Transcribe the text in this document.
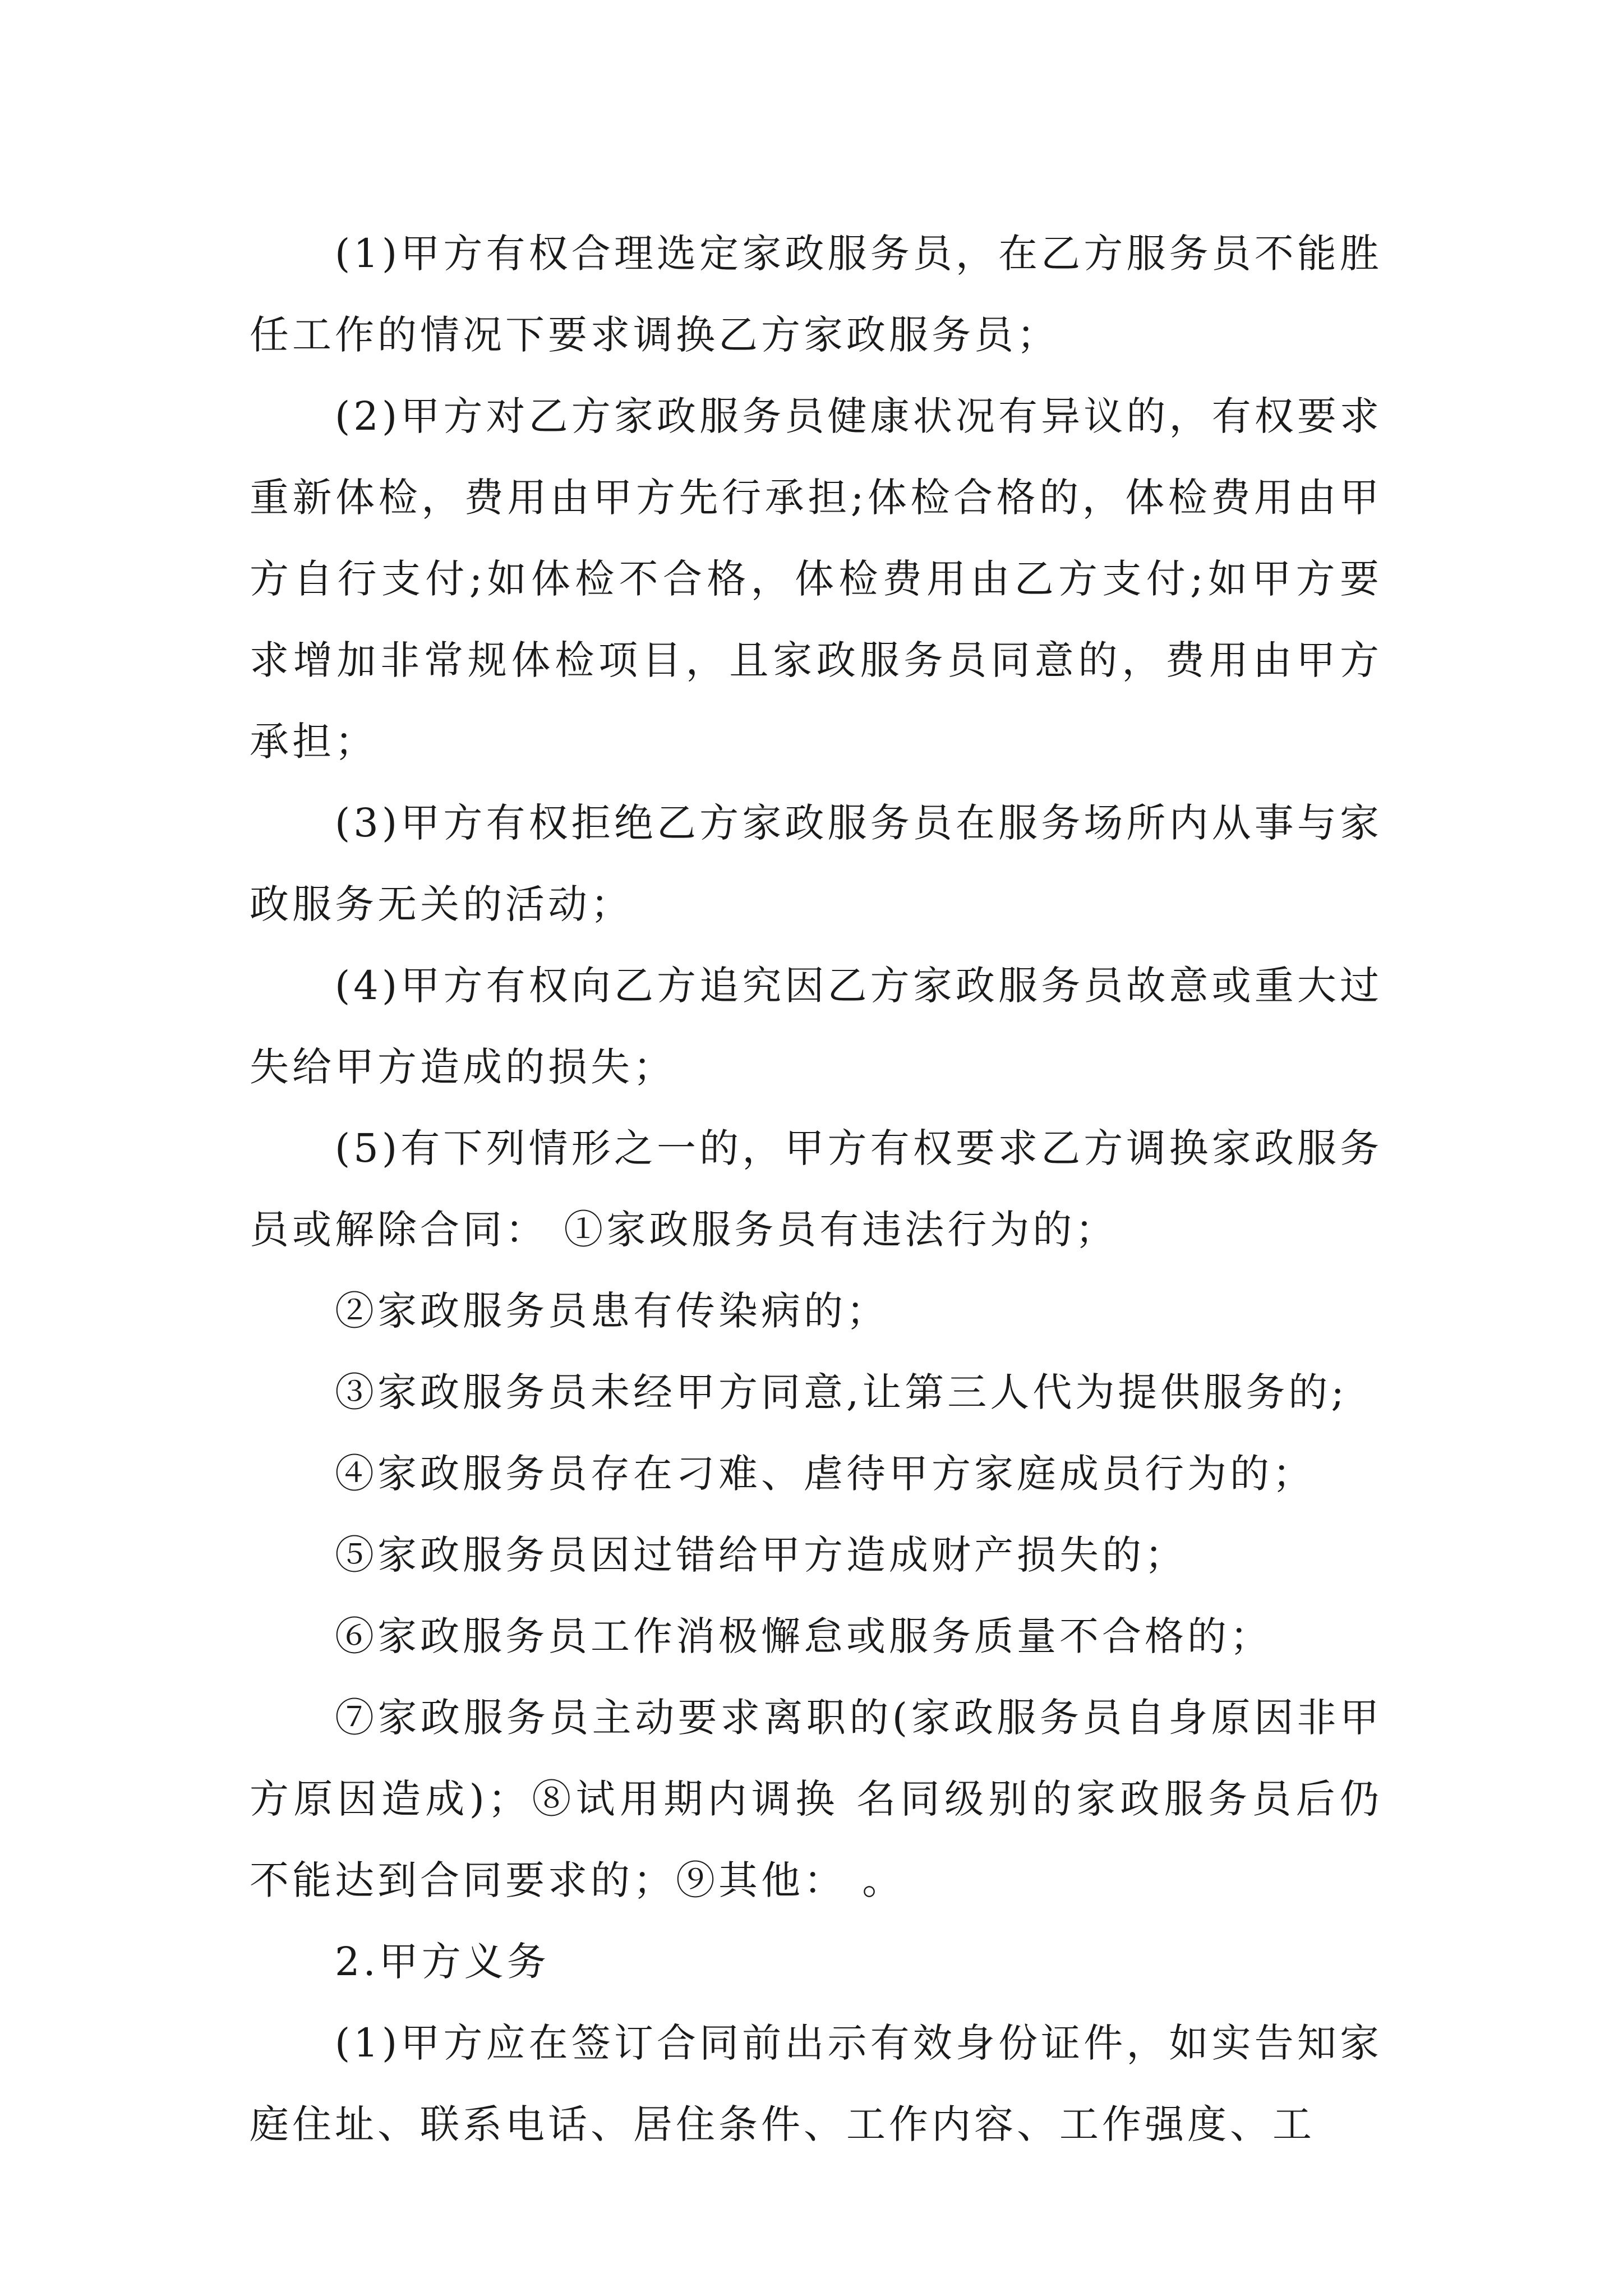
(1)甲方有权合理选定家政服务员，在乙方服务员不能胜任工作的情况下要求调换乙方家政服务员；

(2)甲方对乙方家政服务员健康状况有异议的，有权要求重新体检，费用由甲方先行承担;体检合格的，体检费用由甲方自行支付;如体检不合格，体检费用由乙方支付;如甲方要求增加非常规体检项目，且家政服务员同意的，费用由甲方承担；

(3)甲方有权拒绝乙方家政服务员在服务场所内从事与家政服务无关的活动；

(4)甲方有权向乙方追究因乙方家政服务员故意或重大过失给甲方造成的损失；

(5)有下列情形之一的，甲方有权要求乙方调换家政服务员或解除合同： ①家政服务员有违法行为的；

②家政服务员患有传染病的；

③家政服务员未经甲方同意,让第三人代为提供服务的;

④家政服务员存在刁难、虐待甲方家庭成员行为的；

⑤家政服务员因过错给甲方造成财产损失的；

⑥家政服务员工作消极懈怠或服务质量不合格的；

⑦家政服务员主动要求离职的(家政服务员自身原因非甲方原因造成)；⑧试用期内调换 名同级别的家政服务员后仍不能达到合同要求的；⑨其他： 。

2.甲方义务

(1)甲方应在签订合同前出示有效身份证件，如实告知家庭住址、联系电话、居住条件、工作内容、工作强度、工
